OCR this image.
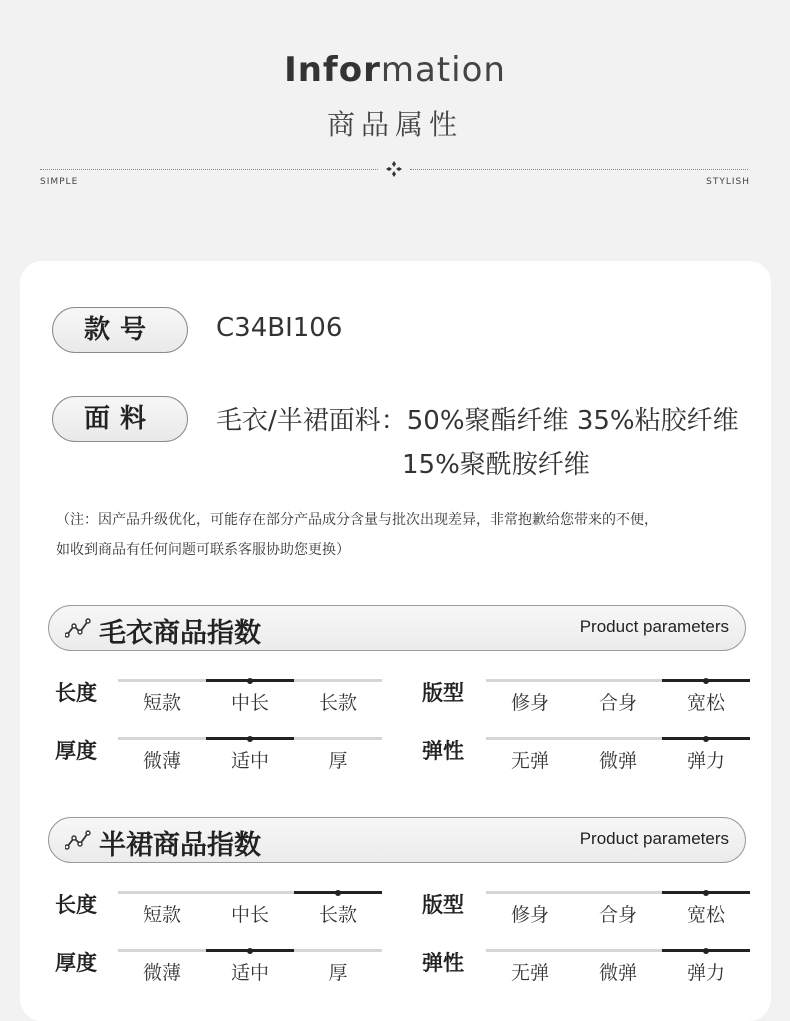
Information
商品属性
SIMPLE	STYLISH
款号	C34BI106
面料	毛衣/半裙面料：50%聚酯纤维 35%粘胶纤维
15%聚酰胺纤维
（注：因产品升级优化，可能存在部分产品成分含量与批次出现差异，非常抱歉给您带来的不便，
如收到商品有任何问题可联系客服协助您更换）
毛衣商品指数	Product parameters
长度	短款	中长	长款	版型	修身	合身	宽松
厚度	微薄	适中	厚	弹性	无弹	微弹	弹力
半裙商品指数	Product parameters
长度	短款	中长	长款	版型	修身	合身	宽松
厚度	微薄	适中	厚	弹性	无弹	微弹	弹力
